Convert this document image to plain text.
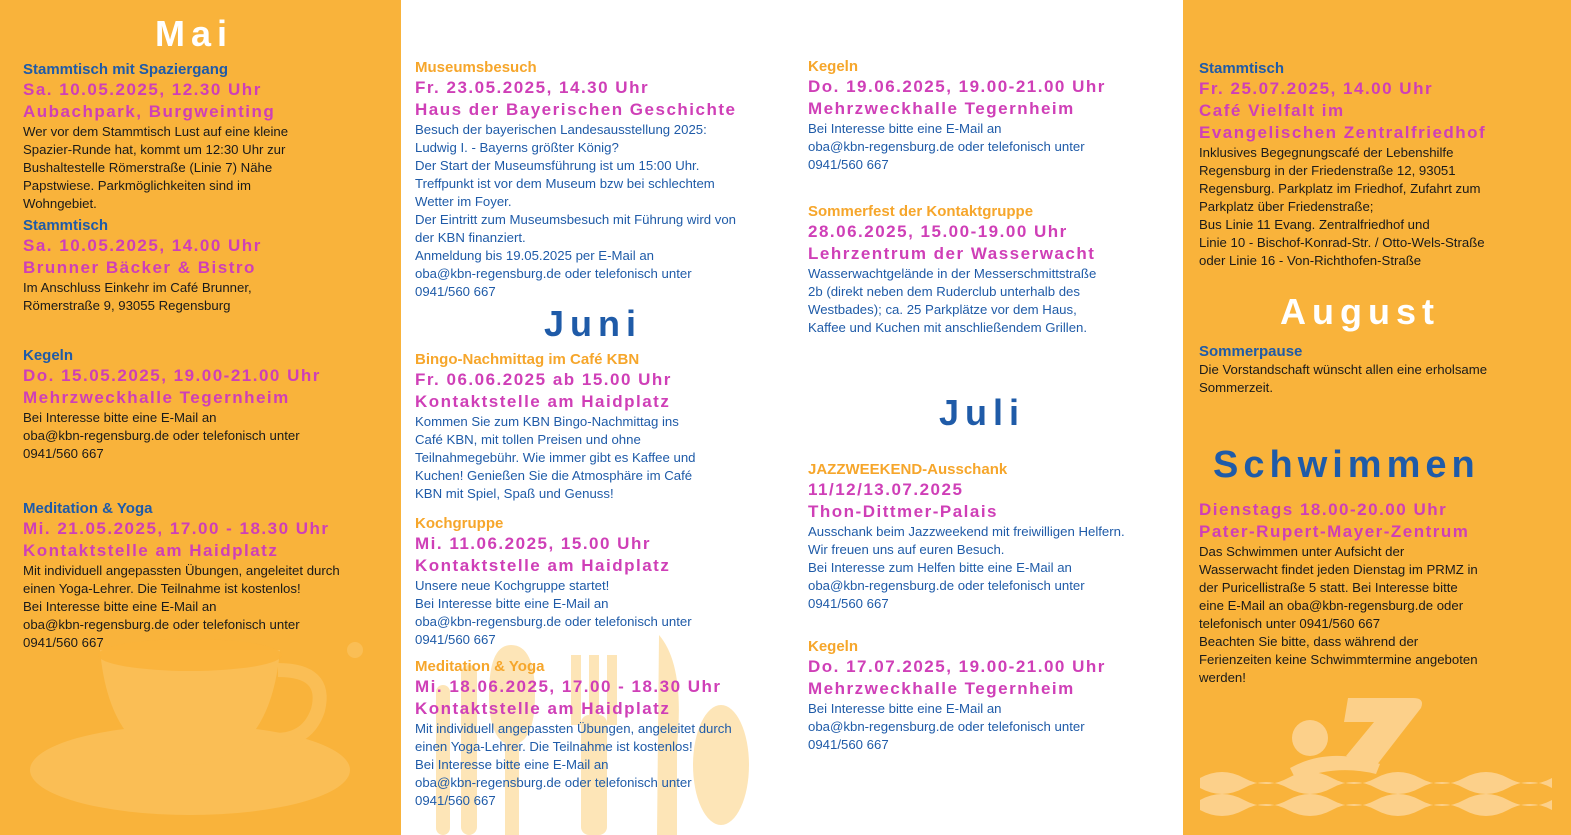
Mai
Stammtisch mit Spaziergang
Sa. 10.05.2025, 12.30 Uhr
Aubachpark, Burgweinting
Wer vor dem Stammtisch Lust auf eine kleine
Spazier-Runde hat, kommt um 12:30 Uhr zur
Bushaltestelle Römerstraße (Linie 7) Nähe
Papstwiese. Parkmöglichkeiten sind im
Wohngebiet.
Stammtisch
Sa. 10.05.2025, 14.00 Uhr
Brunner Bäcker & Bistro
Im Anschluss Einkehr im Café Brunner,
Römerstraße 9, 93055 Regensburg
Kegeln
Do. 15.05.2025, 19.00-21.00 Uhr
Mehrzweckhalle Tegernheim
Bei Interesse bitte eine E-Mail an
oba@kbn-regensburg.de oder telefonisch unter
0941/560 667
Meditation & Yoga
Mi. 21.05.2025, 17.00 - 18.30 Uhr
Kontaktstelle am Haidplatz
Mit individuell angepassten Übungen, angeleitet durch
einen Yoga-Lehrer. Die Teilnahme ist kostenlos!
Bei Interesse bitte eine E-Mail an
oba@kbn-regensburg.de oder telefonisch unter
0941/560 667
Museumsbesuch
Fr. 23.05.2025, 14.30 Uhr
Haus der Bayerischen Geschichte
Besuch der bayerischen Landesausstellung 2025:
Ludwig I. - Bayerns größter König?
Der Start der Museumsführung ist um 15:00 Uhr.
Treffpunkt ist vor dem Museum bzw bei schlechtem
Wetter im Foyer.
Der Eintritt zum Museumsbesuch mit Führung wird von
der KBN finanziert.
Anmeldung bis 19.05.2025 per E-Mail an
oba@kbn-regensburg.de oder telefonisch unter
0941/560 667
Juni
Bingo-Nachmittag im Café KBN
Fr. 06.06.2025 ab 15.00 Uhr
Kontaktstelle am Haidplatz
Kommen Sie zum KBN Bingo-Nachmittag ins
Café KBN, mit tollen Preisen und ohne
Teilnahmegebühr. Wie immer gibt es Kaffee und
Kuchen! Genießen Sie die Atmosphäre im Café
KBN mit Spiel, Spaß und Genuss!
Kochgruppe
Mi. 11.06.2025, 15.00 Uhr
Kontaktstelle am Haidplatz
Unsere neue Kochgruppe startet!
Bei Interesse bitte eine E-Mail an
oba@kbn-regensburg.de oder telefonisch unter
0941/560 667
Meditation & Yoga
Mi. 18.06.2025, 17.00 - 18.30 Uhr
Kontaktstelle am Haidplatz
Mit individuell angepassten Übungen, angeleitet durch
einen Yoga-Lehrer. Die Teilnahme ist kostenlos!
Bei Interesse bitte eine E-Mail an
oba@kbn-regensburg.de oder telefonisch unter
0941/560 667
Kegeln
Do. 19.06.2025, 19.00-21.00 Uhr
Mehrzweckhalle Tegernheim
Bei Interesse bitte eine E-Mail an
oba@kbn-regensburg.de oder telefonisch unter
0941/560 667
Sommerfest der Kontaktgruppe
28.06.2025, 15.00-19.00 Uhr
Lehrzentrum der Wasserwacht
Wasserwachtgelände in der Messerschmittstraße
2b (direkt neben dem Ruderclub unterhalb des
Westbades); ca. 25 Parkplätze vor dem Haus,
Kaffee und Kuchen mit anschließendem Grillen.
Juli
JAZZWEEKEND-Ausschank
11/12/13.07.2025
Thon-Dittmer-Palais
Ausschank beim Jazzweekend mit freiwilligen Helfern.
Wir freuen uns auf euren Besuch.
Bei Interesse zum Helfen bitte eine E-Mail an
oba@kbn-regensburg.de oder telefonisch unter
0941/560 667
Kegeln
Do. 17.07.2025, 19.00-21.00 Uhr
Mehrzweckhalle Tegernheim
Bei Interesse bitte eine E-Mail an
oba@kbn-regensburg.de oder telefonisch unter
0941/560 667
Stammtisch
Fr. 25.07.2025, 14.00 Uhr
Café Vielfalt im
Evangelischen Zentralfriedhof
Inklusives Begegnungscafé der Lebenshilfe
Regensburg in der Friedenstraße 12, 93051
Regensburg. Parkplatz im Friedhof, Zufahrt zum
Parkplatz über Friedenstraße;
Bus Linie 11 Evang. Zentralfriedhof und
Linie 10 - Bischof-Konrad-Str. / Otto-Wels-Straße
oder Linie 16 - Von-Richthofen-Straße
August
Sommerpause
Die Vorstandschaft wünscht allen eine erholsame
Sommerzeit.
Schwimmen
Dienstags 18.00-20.00 Uhr
Pater-Rupert-Mayer-Zentrum
Das Schwimmen unter Aufsicht der
Wasserwacht findet jeden Dienstag im PRMZ in
der Puricellistraße 5 statt. Bei Interesse bitte
eine E-Mail an oba@kbn-regensburg.de oder
telefonisch unter 0941/560 667
Beachten Sie bitte, dass während der
Ferienzeiten keine Schwimmtermine angeboten
werden!
